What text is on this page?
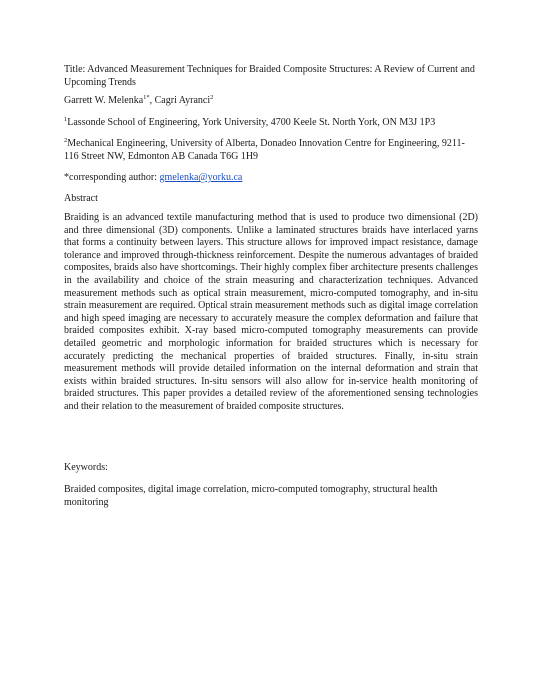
Title: Advanced Measurement Techniques for Braided Composite Structures: A Review of Current and Upcoming Trends

Garrett W. Melenka$^{1*}$, Cagri Ayranci$^2$

$^1$Lassonde School of Engineering, York University, 4700 Keele St. North York, ON M3J 1P3

$^2$Mechanical Engineering, University of Alberta, Donadeo Innovation Centre for Engineering, 9211-116 Street NW, Edmonton AB Canada T6G 1H9

*corresponding author: gmelenka@yorku.ca

Abstract

Braiding is an advanced textile manufacturing method that is used to produce two dimensional (2D) and three dimensional (3D) components. Unlike a laminated structures braids have interlaced yarns that forms a continuity between layers. This structure allows for improved impact resistance, damage tolerance and improved through-thickness reinforcement. Despite the numerous advantages of braided composites, braids also have shortcomings. Their highly complex fiber architecture presents challenges in the availability and choice of the strain measuring and characterization techniques. Advanced measurement methods such as optical strain measurement, micro-computed tomography, and in-situ strain measurement are required. Optical strain measurement methods such as digital image correlation and high speed imaging are necessary to accurately measure the complex deformation and failure that braided composites exhibit. X-ray based micro-computed tomography measurements can provide detailed geometric and morphologic information for braided structures which is necessary for accurately predicting the mechanical properties of braided structures. Finally, in-situ strain measurement methods will provide detailed information on the internal deformation and strain that exists within braided structures. In-situ sensors will also allow for in-service health monitoring of braided structures. This paper provides a detailed review of the aforementioned sensing technologies and their relation to the measurement of braided composite structures.

Keywords:

Braided composites, digital image correlation, micro-computed tomography, structural health monitoring
